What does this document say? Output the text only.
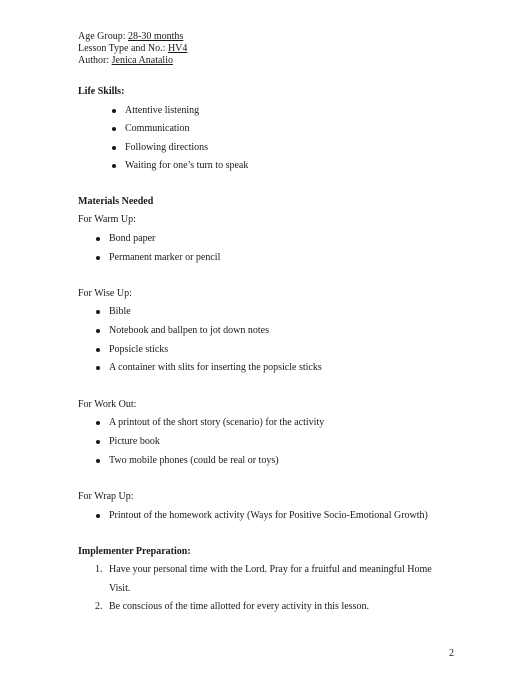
Age Group: 28-30 months
Lesson Type and No.: HV4
Author: Jenica Anatalio
Life Skills:
Attentive listening
Communication
Following directions
Waiting for one’s turn to speak
Materials Needed
For Warm Up:
Bond paper
Permanent marker or pencil
For Wise Up:
Bible
Notebook and ballpen to jot down notes
Popsicle sticks
A container with slits for inserting the popsicle sticks
For Work Out:
A printout of the short story (scenario) for the activity
Picture book
Two mobile phones (could be real or toys)
For Wrap Up:
Printout of the homework activity (Ways for Positive Socio-Emotional Growth)
Implementer Preparation:
1. Have your personal time with the Lord. Pray for a fruitful and meaningful Home
Visit.
2. Be conscious of the time allotted for every activity in this lesson.
2
